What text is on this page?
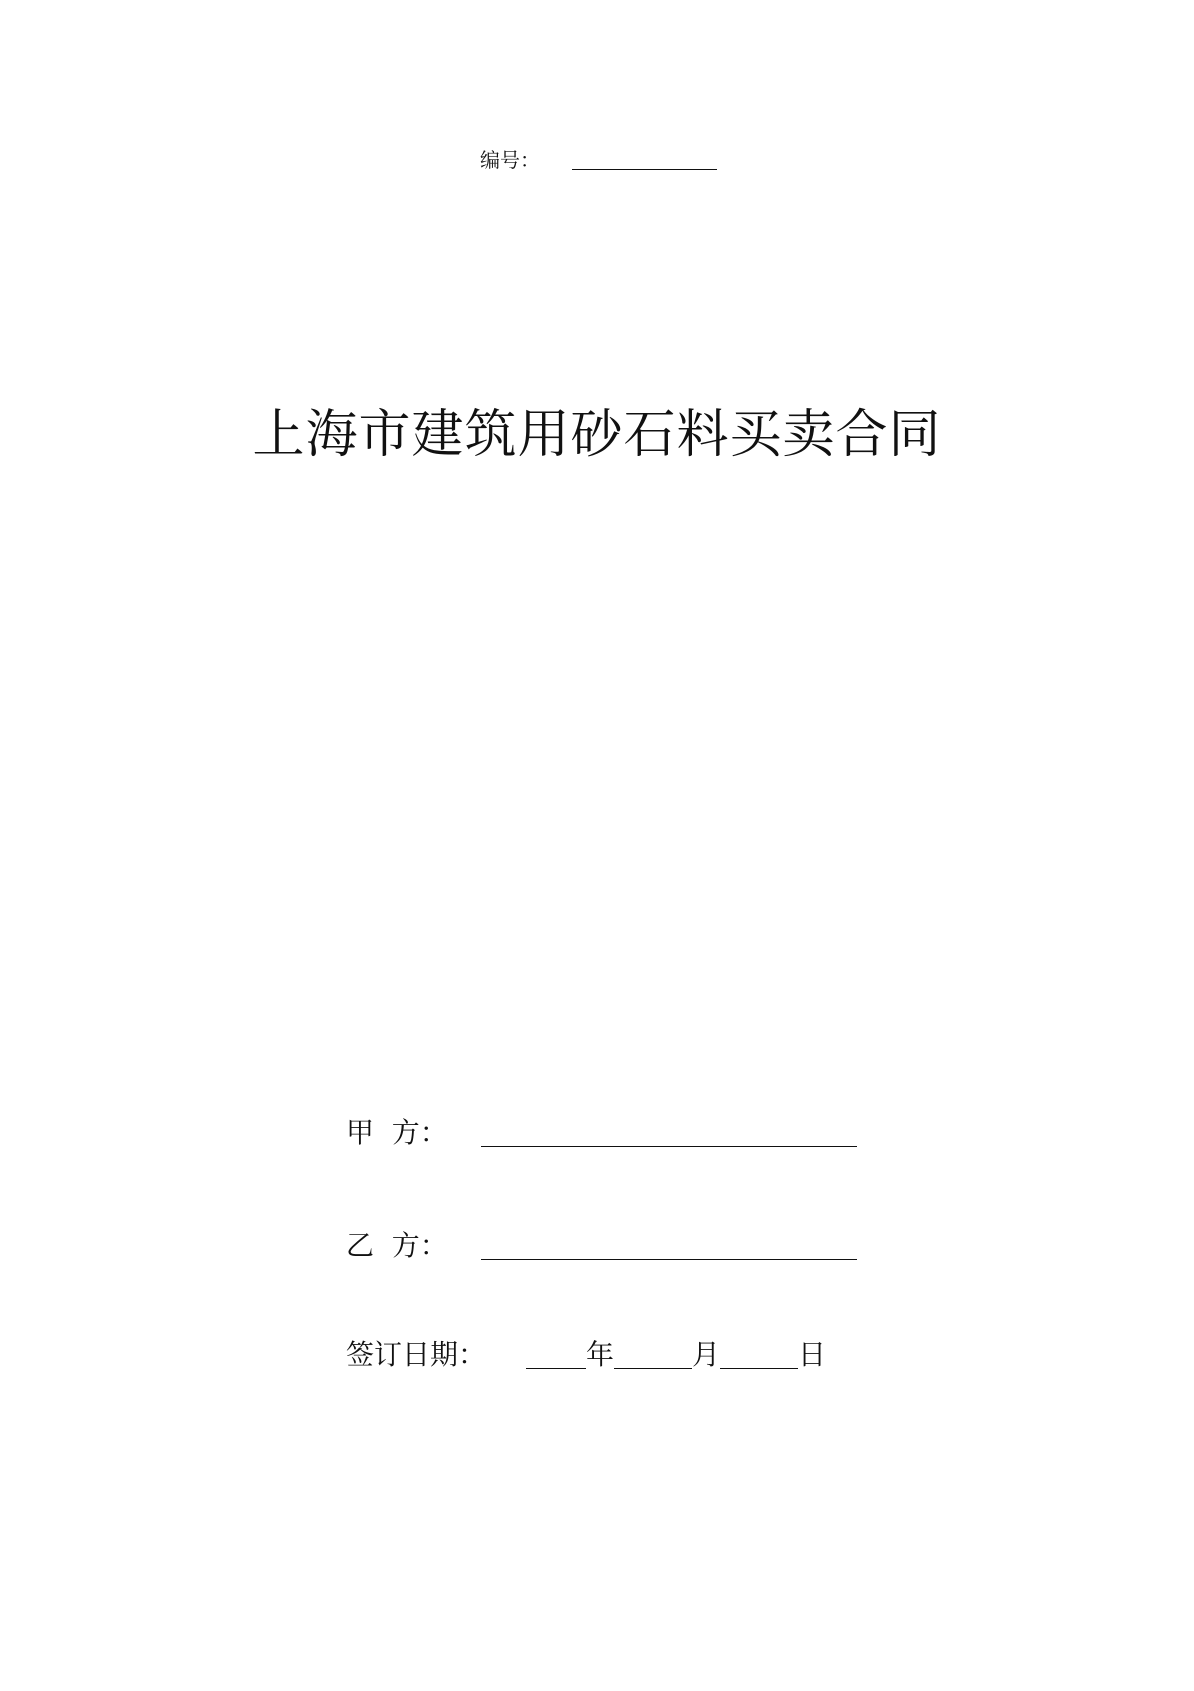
编号：
上海市建筑用砂石料买卖合同
甲  方：
乙  方：
签订日期：	年	月	日
